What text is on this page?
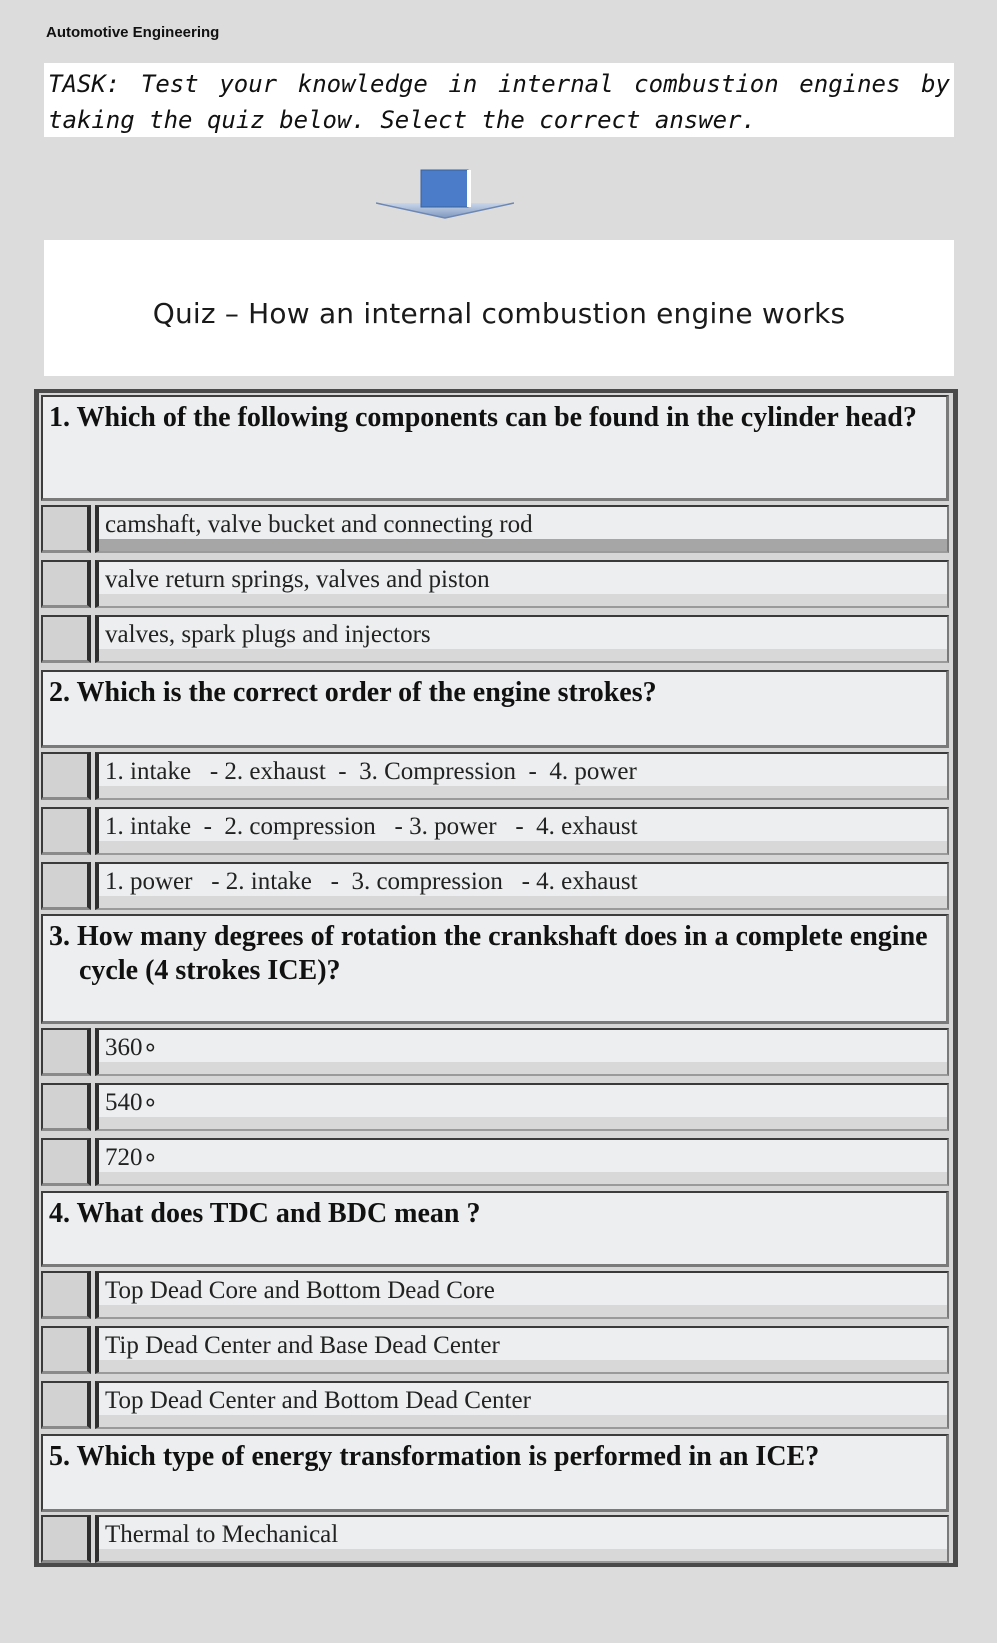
Automotive Engineering
TASK: Test your knowledge in internal combustion engines by taking the quiz below. Select the correct answer.
Quiz – How an internal combustion engine works
1. Which of the following components can be found in the cylinder head?
camshaft, valve bucket and connecting rod
valve return springs, valves and piston
valves, spark plugs and injectors
2. Which is the correct order of the engine strokes?
1. intake   - 2. exhaust  -  3. Compression  -  4. power
1. intake  -  2. compression   - 3. power   -  4. exhaust
1. power   - 2. intake   -  3. compression   - 4. exhaust
3. How many degrees of rotation the crankshaft does in a complete engine cycle (4 strokes ICE)?
360∘
540∘
720∘
4. What does TDC and BDC mean ?
Top Dead Core and Bottom Dead Core
Tip Dead Center and Base Dead Center
Top Dead Center and Bottom Dead Center
5. Which type of energy transformation is performed in an ICE?
Thermal to Mechanical
